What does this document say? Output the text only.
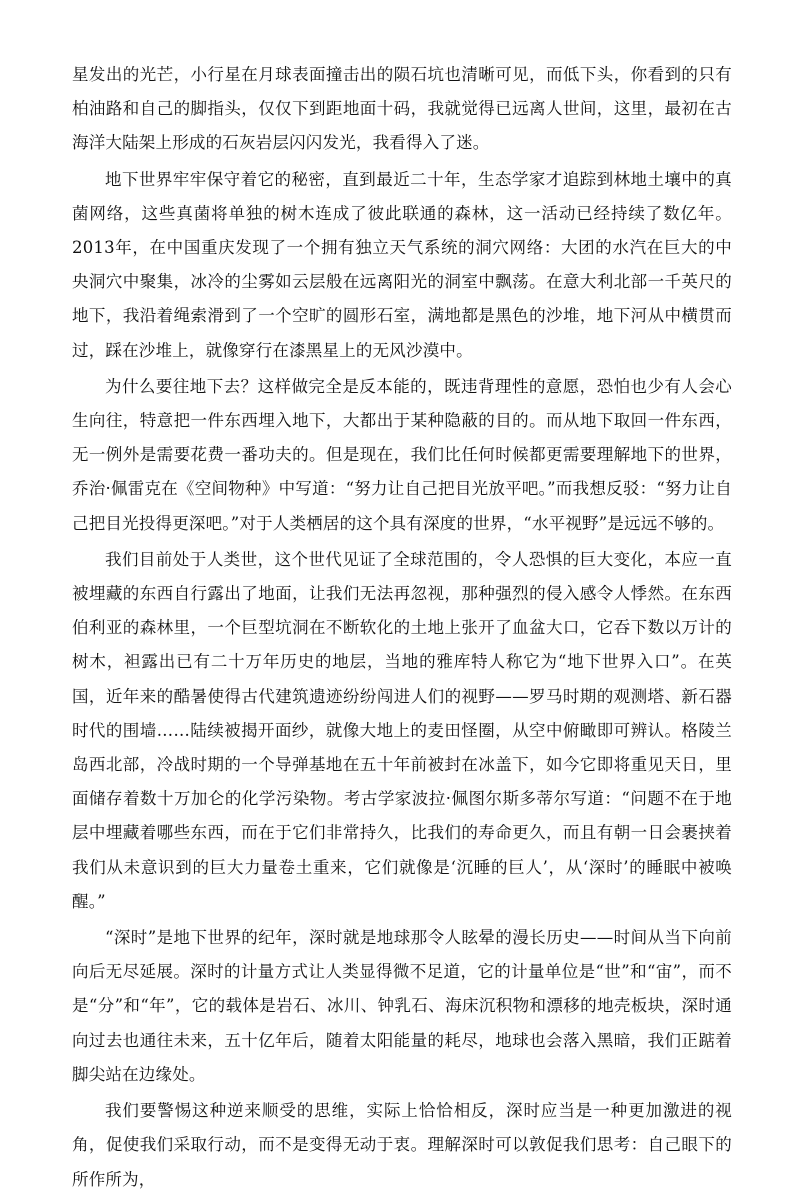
星发出的光芒，小行星在月球表面撞击出的陨石坑也清晰可见，而低下头，你看到的只有柏油路和自己的脚指头，仅仅下到距地面十码，我就觉得已远离人世间，这里，最初在古海洋大陆架上形成的石灰岩层闪闪发光，我看得入了迷。

地下世界牢牢保守着它的秘密，直到最近二十年，生态学家才追踪到林地土壤中的真菌网络，这些真菌将单独的树木连成了彼此联通的森林，这一活动已经持续了数亿年。2013年，在中国重庆发现了一个拥有独立天气系统的洞穴网络：大团的水汽在巨大的中央洞穴中聚集，冰冷的尘雾如云层般在远离阳光的洞室中飘荡。在意大利北部一千英尺的地下，我沿着绳索滑到了一个空旷的圆形石室，满地都是黑色的沙堆，地下河从中横贯而过，踩在沙堆上，就像穿行在漆黑星上的无风沙漠中。

为什么要往地下去？这样做完全是反本能的，既违背理性的意愿，恐怕也少有人会心生向往，特意把一件东西埋入地下，大都出于某种隐蔽的目的。而从地下取回一件东西，无一例外是需要花费一番功夫的。但是现在，我们比任何时候都更需要理解地下的世界，乔治·佩雷克在《空间物种》中写道：“努力让自己把目光放平吧。”而我想反驳：“努力让自己把目光投得更深吧。”对于人类栖居的这个具有深度的世界，“水平视野”是远远不够的。

我们目前处于人类世，这个世代见证了全球范围的，令人恐惧的巨大变化，本应一直被埋藏的东西自行露出了地面，让我们无法再忽视，那种强烈的侵入感令人悸然。在东西伯利亚的森林里，一个巨型坑洞在不断软化的土地上张开了血盆大口，它吞下数以万计的树木，袒露出已有二十万年历史的地层，当地的雅库特人称它为“地下世界入口”。在英国，近年来的酷暑使得古代建筑遗迹纷纷闯进人们的视野——罗马时期的观测塔、新石器时代的围墙……陆续被揭开面纱，就像大地上的麦田怪圈，从空中俯瞰即可辨认。格陵兰岛西北部，冷战时期的一个导弹基地在五十年前被封在冰盖下，如今它即将重见天日，里面储存着数十万加仑的化学污染物。考古学家波拉·佩图尔斯多蒂尔写道：“问题不在于地层中埋藏着哪些东西，而在于它们非常持久，比我们的寿命更久，而且有朝一日会裹挟着我们从未意识到的巨大力量卷土重来，它们就像是‘沉睡的巨人’，从‘深时’的睡眠中被唤醒。”

“深时”是地下世界的纪年，深时就是地球那令人眩晕的漫长历史——时间从当下向前向后无尽延展。深时的计量方式让人类显得微不足道，它的计量单位是“世”和“宙”，而不是“分”和“年”，它的载体是岩石、冰川、钟乳石、海床沉积物和漂移的地壳板块，深时通向过去也通往未来，五十亿年后，随着太阳能量的耗尽，地球也会落入黑暗，我们正踮着脚尖站在边缘处。

我们要警惕这种逆来顺受的思维，实际上恰恰相反，深时应当是一种更加激进的视角，促使我们采取行动，而不是变得无动于衷。理解深时可以敦促我们思考：自己眼下的所作所为，
